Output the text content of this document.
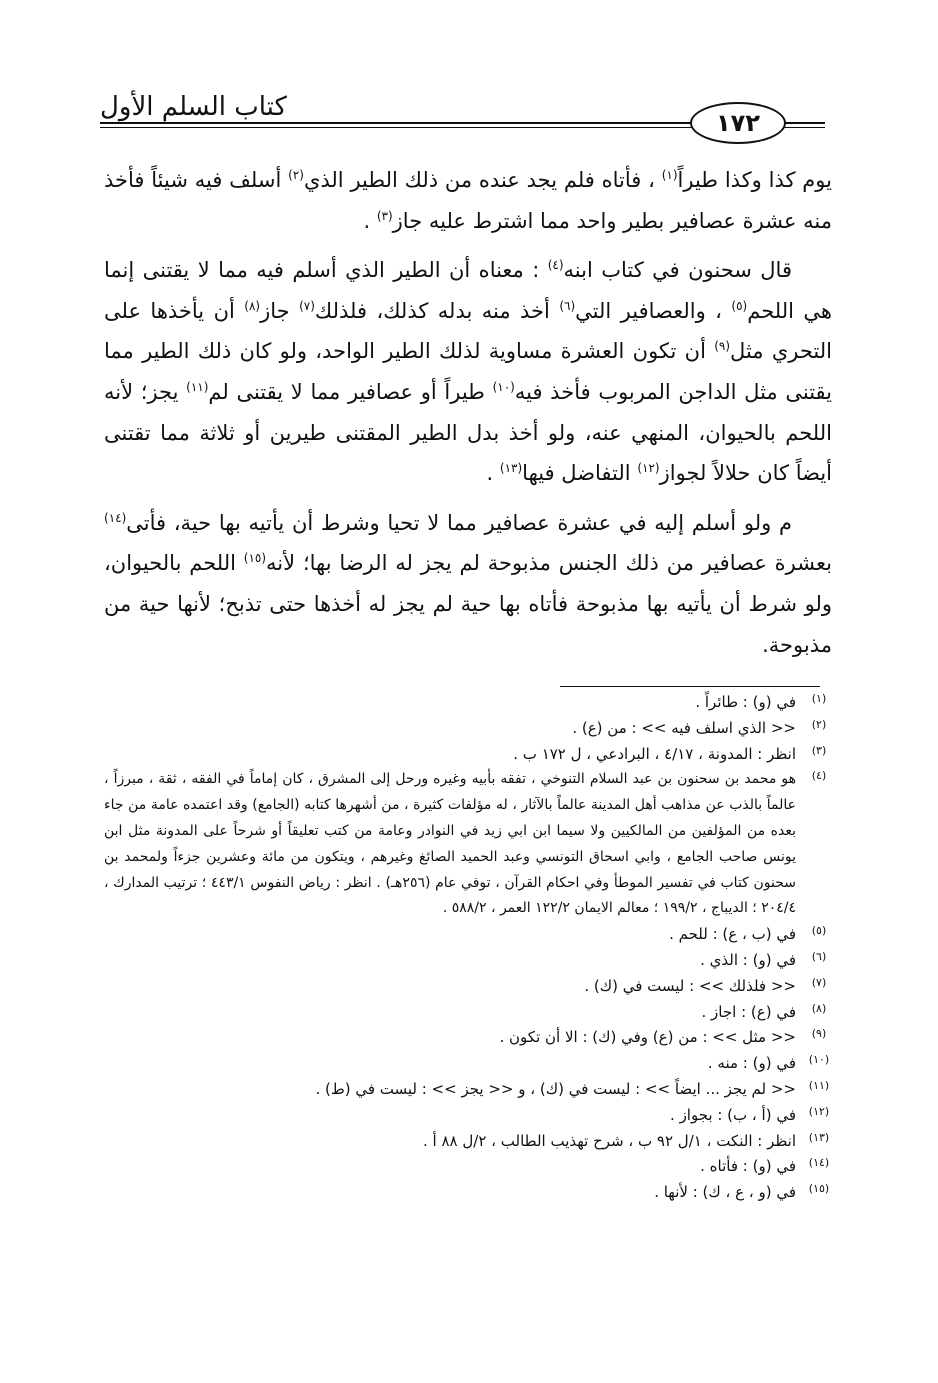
كتاب السلم الأول
١٧٢

يوم كذا وكذا طيراً$^{(١)}$ ، فأتاه فلم يجد عنده من ذلك الطير الذي$^{(٢)}$ أسلف فيه شيئاً فأخذ منه عشرة عصافير بطير واحد مما اشترط عليه جاز$^{(٣)}$ .

قال سحنون في كتاب ابنه$^{(٤)}$ : معناه أن الطير الذي أسلم فيه مما لا يقتنى إنما هي اللحم$^{(٥)}$ ، والعصافير التي$^{(٦)}$ أخذ منه بدله كذلك، فلذلك$^{(٧)}$ جاز$^{(٨)}$ أن يأخذها على التحري مثل$^{(٩)}$ أن تكون العشرة مساوية لذلك الطير الواحد، ولو كان ذلك الطير مما يقتنى مثل الداجن المربوب فأخذ فيه$^{(١٠)}$ طيراً أو عصافير مما لا يقتنى لم$^{(١١)}$ يجز؛ لأنه اللحم بالحيوان، المنهي عنه، ولو أخذ بدل الطير المقتنى طيرين أو ثلاثة مما تقتنى أيضاً كان حلالاً لجواز$^{(١٢)}$ التفاضل فيها$^{(١٣)}$ .

م ولو أسلم إليه في عشرة عصافير مما لا تحيا وشرط أن يأتيه بها حية، فأتى$^{(١٤)}$ بعشرة عصافير من ذلك الجنس مذبوحة لم يجز له الرضا بها؛ لأنه$^{(١٥)}$ اللحم بالحيوان، ولو شرط أن يأتيه بها مذبوحة فأتاه بها حية لم يجز له أخذها حتى تذبح؛ لأنها حية من مذبوحة.

(١)
في (و) : طائراً .
(٢)
<< الذي اسلف فيه >> : من (ع) .
(٣)
انظر : المدونة ، ٤/١٧ ، البرادعي ، ل ١٧٢ ب .
(٤)
هو محمد بن سحنون بن عبد السلام التنوخي ، تفقه بأبيه وغيره ورحل إلى المشرق ، كان إماماً في الفقه ، ثقة ، مبرزاً ، عالماً بالذب عن مذاهب أهل المدينة عالماً بالآثار ، له مؤلفات كثيرة ، من أشهرها كتابه (الجامع) وقد اعتمده عامة من جاء بعده من المؤلفين من المالكيين ولا سيما ابن ابي زيد في النوادر وعامة من كتب تعليقاً أو شرحاً على المدونة مثل ابن يونس صاحب الجامع ، وابي اسحاق التونسي وعبد الحميد الصائغ وغيرهم ، ويتكون من مائة وعشرين جزءاً ولمحمد بن سحنون كتاب في تفسير الموطأ وفي احكام القرآن ، توفي عام (٢٥٦هـ) . انظر : رياض النفوس ٤٤٣/١ ؛ ترتيب المدارك ، ٢٠٤/٤ ؛ الديباج ، ١٩٩/٢ ؛ معالم الايمان ١٢٢/٢ العمر ، ٥٨٨/٢ .
(٥)
في (ب ، ع) : للحم .
(٦)
في (و) : الذي .
(٧)
<< فلذلك >> : ليست في (ك) .
(٨)
في (ع) : اجاز .
(٩)
<< مثل >> : من (ع) وفي (ك) : الا أن تكون .
(١٠)
في (و) : منه .
(١١)
<< لم يجز ... ايضاً >> : ليست في (ك) ، و << يجز >> : ليست في (ط) .
(١٢)
في (أ ، ب) : بجواز .
(١٣)
انظر : النكت ، ١/ل ٩٢ ب ، شرح تهذيب الطالب ، ٢/ل ٨٨ أ .
(١٤)
في (و) : فأتاه .
(١٥)
في (و ، ع ، ك) : لأنها .
